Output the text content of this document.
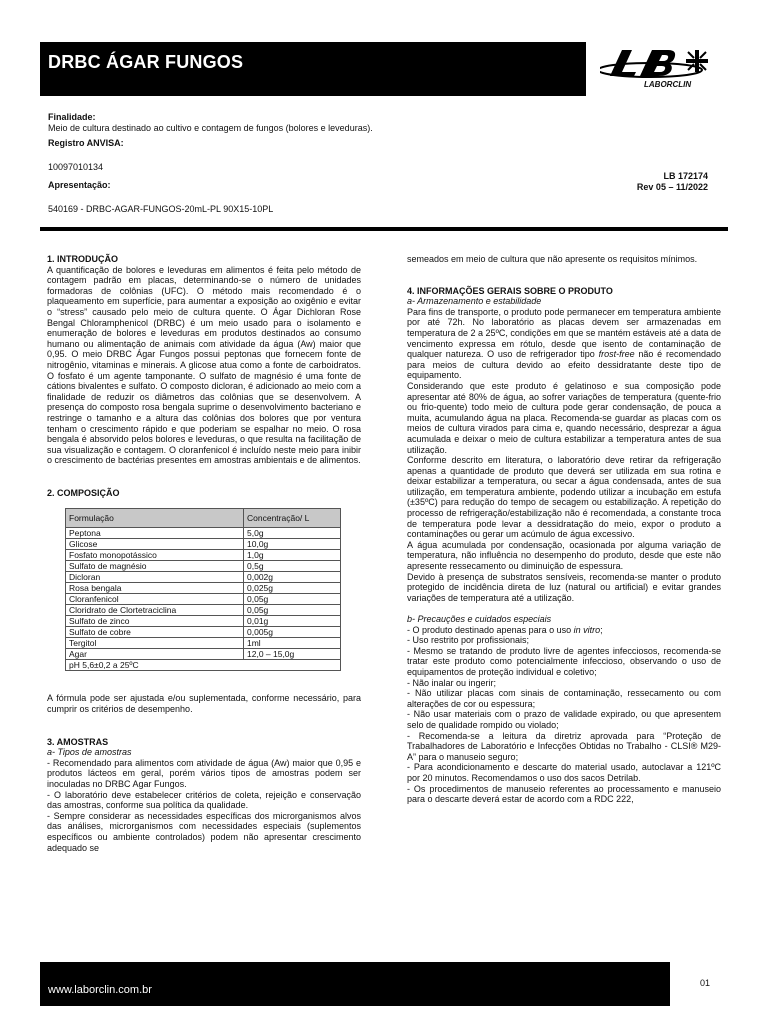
DRBC ÁGAR FUNGOS
LABORCLIN
Finalidade:
Meio de cultura destinado ao cultivo e contagem de fungos (bolores e leveduras).
Registro ANVISA:
10097010134
Apresentação:
540169 - DRBC-AGAR-FUNGOS-20mL-PL 90X15-10PL
LB 172174
Rev 05 – 11/2022

1. INTRODUÇÃO

A quantificação de bolores e leveduras em alimentos é feita pelo método de contagem padrão em placas, determinando-se o número de unidades formadoras de colônias (UFC). O método mais recomendado é o plaqueamento em superfície, para aumentar a exposição ao oxigênio e evitar o “stress” causado pelo meio de cultura quente. O Ágar Dichloran Rose Bengal Chloramphenicol (DRBC) é um meio usado para o isolamento e enumeração de bolores e leveduras em produtos destinados ao consumo humano ou alimentação de animais com atividade da água (Aw) maior que 0,95. O meio DRBC Ágar Fungos possui peptonas que fornecem fonte de nitrogênio, vitaminas e minerais. A glicose atua como a fonte de carboidratos. O fosfato é um agente tamponante. O sulfato de magnésio é uma fonte de cátions bivalentes e sulfato. O composto dicloran, é adicionado ao meio com a finalidade de reduzir os diâmetros das colônias que se desenvolvem. A presença do composto rosa bengala suprime o desenvolvimento bacteriano e restringe o tamanho e a altura das colônias dos bolores que por ventura tenham o crescimento rápido e que poderiam se espalhar no meio. O rosa bengala é absorvido pelos bolores e leveduras, o que resulta na facilitação de sua visualização e contagem. O cloranfenicol é incluído neste meio para inibir o crescimento de bactérias presentes em amostras ambientais e de alimentos.

2. COMPOSIÇÃO

Formulação	Concentração/ L
Peptona	5,0g
Glicose	10,0g
Fosfato monopotássico	1,0g
Sulfato de magnésio	0,5g
Dicloran	0,002g
Rosa bengala	0,025g
Cloranfenicol	0,05g
Cloridrato de Clortetraciclina	0,05g
Sulfato de zinco	0,01g
Sulfato de cobre	0,005g
Tergitol	1ml
Agar	12,0 – 15,0g
pH 5,6±0,2 a 25ºC	

A fórmula pode ser ajustada e/ou suplementada, conforme necessário, para cumprir os critérios de desempenho.

3. AMOSTRAS

a- Tipos de amostras

- Recomendado para alimentos com atividade de água (Aw) maior que 0,95 e produtos lácteos em geral, porém vários tipos de amostras podem ser inoculadas no DRBC Agar Fungos.

- O laboratório deve estabelecer critérios de coleta, rejeição e conservação das amostras, conforme sua política da qualidade.

- Sempre considerar as necessidades específicas dos microrganismos alvos das análises, microrganismos com necessidades especiais (suplementos específicos ou ambiente controlados) podem não apresentar crescimento adequado se

semeados em meio de cultura que não apresente os requisitos mínimos.

4. INFORMAÇÕES GERAIS SOBRE O PRODUTO

a- Armazenamento e estabilidade

Para fins de transporte, o produto pode permanecer em temperatura ambiente por até 72h. No laboratório as placas devem ser armazenadas em temperatura de 2 a 25ºC, condições em que se mantém estáveis até a data de vencimento expressa em rótulo, desde que isento de contaminação de qualquer natureza. O uso de refrigerador tipo frost-free não é recomendado para meios de cultura devido ao efeito dessidratante deste tipo de equipamento.

Considerando que este produto é gelatinoso e sua composição pode apresentar até 80% de água, ao sofrer variações de temperatura (quente-frio ou frio-quente) todo meio de cultura pode gerar condensação, de pouca a muita, acumulando água na placa. Recomenda-se guardar as placas com os meios de cultura virados para cima e, quando necessário, desprezar a água acumulada e deixar o meio de cultura estabilizar a temperatura antes de sua utilização.

Conforme descrito em literatura, o laboratório deve retirar da refrigeração apenas a quantidade de produto que deverá ser utilizada em sua rotina e deixar estabilizar a temperatura, ou secar a água condensada, antes de sua utilização, em temperatura ambiente, podendo utilizar a incubação em estufa (±35ºC) para redução do tempo de secagem ou estabilização. A repetição do processo de refrigeração/estabilização não é recomendada, a constante troca de temperatura pode levar a dessidratação do meio, expor o produto a contaminações ou gerar um acúmulo de água excessivo.

A água acumulada por condensação, ocasionada por alguma variação de temperatura, não influência no desempenho do produto, desde que este não apresente ressecamento ou diminuição de espessura.

Devido à presença de substratos sensíveis, recomenda-se manter o produto protegido de incidência direta de luz (natural ou artificial) e evitar grandes variações de temperatura até a utilização.

b- Precauções e cuidados especiais

- O produto destinado apenas para o uso in vitro;

- Uso restrito por profissionais;

- Mesmo se tratando de produto livre de agentes infecciosos, recomenda-se tratar este produto como potencialmente infeccioso, observando o uso de equipamentos de proteção individual e coletivo;

- Não inalar ou ingerir;

- Não utilizar placas com sinais de contaminação, ressecamento ou com alterações de cor ou espessura;

- Não usar materiais com o prazo de validade expirado, ou que apresentem selo de qualidade rompido ou violado;

- Recomenda-se a leitura da diretriz aprovada para “Proteção de Trabalhadores de Laboratório e Infecções Obtidas no Trabalho - CLSI® M29-A” para o manuseio seguro;

- Para acondicionamento e descarte do material usado, autoclavar a 121ºC por 20 minutos. Recomendamos o uso dos sacos Detrilab.

- Os procedimentos de manuseio referentes ao processamento e manuseio para o descarte deverá estar de acordo com a RDC 222,

www.laborclin.com.br
01
